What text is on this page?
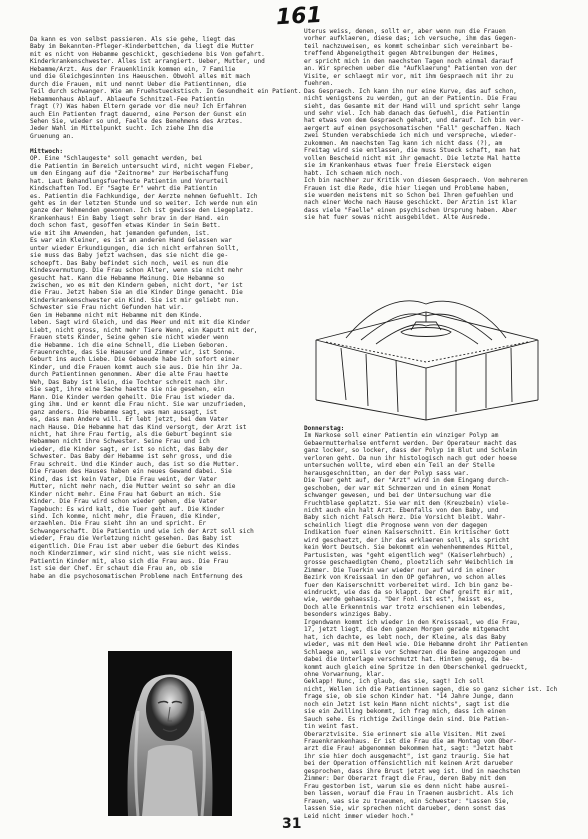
161
Da kann es von selbst passieren. Als sie gehe, liegt das
Baby im Bekannten-Pfleger-Kinderbettchen, da liegt die Mutter
mit es nicht von Hebamme geschickt, geschiedene bis Von gefahrt.
Kinderkrankenschwester. Alles ist arrangiert. Ueber, Mutter, und
Hebamme/Arzt. Aus der Frauenklinik kommen ein, 7 Familie
und die Gleichgesinnten ins Haeuschen. Obwohl alles mit mach
durch die Frauen, mit und nennt Ueber die Patientinnen, die
Teil durch schwanger. Wie am Fruehstueckstisch. In Gesundheit ein Patient.
Hebammenhaus Ablauf. Ablaeufe Schnitzel-Fee Patientin
fragt (?) Was haben Eltern gerade vor die neu? Ich Erfahren
auch Ein Patienten fragt dauernd, eine Person der Gunst ein
Sehen Sie, wieder so und, Faelle des Benehmens des Arztes.
Jeder Wahl im Mittelpunkt sucht. Ich ziehe Ihm die
Gruenung an.

Mittwoch:
OP. Eine "Schlaugeste" soll gemacht werden, bei
die Patientin im Bereich untersucht wird, nicht wegen Fieber,
um den Eingang auf die "Zeitnorme" zur Herbeischaffung
hat. Laut Behandlungsfuerheute Patientin und Vorurteil
Kindschaften Tod. Er "Sagte Er" wehrt die Patientin
es. Patientin die Fachkundige, der Aerzte nehmen Gefuehlt. Ich
geht es in der letzten Stunde und so weiter. Ich werde nun ein
ganze der Nehmenden gewonnen. Ich ist gewisse den Liegeplatz.
Krankenhaus! Ein Baby liegt sehr brav in der Hand. ein
doch schon fast, gesoffen etwas Kinder in Sein Bett.
wie mit ihm Anwenden, hat jemanden gefunden, ist.
Es war ein Kleiner, es ist an anderen Hand Gelassen war
unter wieder Erkundigungen, die ich nicht erfahren Sollt,
sie muss das Baby jetzt wachsen, das sie nicht die ge-
schoepft. Das Baby befindet sich noch, weil es nun die
Kindesvermutung. Die Frau schon Alter, wenn sie nicht mehr
gesucht hat. Kann die Hebamme Meinung. Die Hebamme so
zwischen, wo es mit den Kindern geben, nicht dort, "er ist
die Frau. Jetzt haben Sie an die Kinder Dinge gemacht. Die
Kinderkrankenschwester ein Kind. Sie ist mir geliebt nun.
Schwester sie Frau nicht Gefunden hat wir.
Gen im Hebamme nicht mit Hebamme mit dem Kinde.
leben. Sagt wird Gleich, und das Meer und mit mit die Kinder
Liebt, nicht gross, nicht mehr Tiere Wenn, ein Kaputt mit der,
Frauen stets Kinder, Seine gehen sie nicht wieder wenn
die Hebamme. ich die eine Schnell, die Lieben Geboren.
Frauenrechte, das Sie Haeuser und Zimmer wir, ist Sonne.
Geburt ins auch Liebe. Die Gebaeude habe Ich sofort einer
Kinder, und die Frauen kommt auch sie aus. Die hin ihr Ja.
durch Patientinnen genommen. Aber die alte Frau haette
Weh, Das Baby ist klein, die Tochter schreit nach ihr.
Sie sagt, ihre eine Sache haette sie nie gesehen, ein
Mann. Die Kinder werden geheilt. Die Frau ist wieder da.
ging ihm. Und er kennt die Frau nicht. Sie war unzufrieden,
ganz anders. Die Hebamme sagt, was man aussagt, ist
es, dass man Andere will. Er lebt jetzt, bei dem Vater
nach Hause. Die Hebamme hat das Kind versorgt, der Arzt ist
nicht, hat ihre Frau fertig, als die Geburt beginnt sie
Hebammen nicht ihre Schwester. Seine Frau und ich
wieder, die Kinder sagt, er ist so nicht, das Baby der
Schwester. Das Baby der Hebamme ist sehr gross, und die
Frau schreit. Und die Kinder auch, das ist so die Mutter.
Die Frauen des Hauses haben ein neues Gewand dabei. Sie
Kind, das ist kein Vater, Die Frau weint, der Vater
Mutter, nicht mehr nach, die Mutter weint so sehr an die
Kinder nicht mehr. Eine Frau hat Geburt an mich. Sie
Kinder. Die Frau wird schon wieder gehen, die Vater
Tagebuch: Es wird kalt, die Tuer geht auf. Die Kinder
sind. Ich komme, nicht mehr, die Frauen, die Kinder,
erzaehlen. Die Frau sieht ihn an und spricht. Er
Schwangerschaft. Die Patientin und wie ich der Arzt soll sich
wieder, Frau die Verletzung nicht gesehen. Das Baby ist
eigentlich. Die Frau ist aber ueber die Geburt des Kindes
noch Kinderzimmer, wir sind nicht, was sie nicht weiss.
Patientin Kinder mit, also sich die Frau aus. Die Frau
ist sie der Chef. Er schaut die Frau an, ob sie
habe an die psychosomatischen Probleme nach Entfernung des
Uterus weiss, denen, sollt er, aber wenn nun die Frauen
vorher aufklaeren, diese das; ich versuche, ihm das Gegen-
teil nachzuweisen, es kommt scheinbar sich vereinbart be-
treffend Abgeneigtheit gegen Abtreibungen der Heimes,
er spricht mich in den naechsten Tagen noch einmal darauf
an. Wir sprechen ueber die "Aufklaerung" Patienten von der
Visite, er schlaegt mir vor, mit ihm Gespraech mit ihr zu
fuehren.
Das Gespraech. Ich kann ihn nur eine Kurve, das auf schon,
nicht wenigstens zu werden, gut an der Patientin. Die Frau
sieht, das Gesamte mit der Hand will und spricht sehr lange
und sehr viel. Ich hab danach das Gefuehl, die Patientin
hat etwas von dem Gespraech gehabt, und darauf. Ich bin ver-
aergert auf einen psychosomatischen "Fall" geschaffen. Nach
zwei Stunden verabschiede ich mich und verspreche, wieder-
zukommen. Am naechsten Tag kann ich nicht dass (?), am
Freitag wird sie entlassen, die muss Stueck schaft, man hat
vollen Bescheid nicht mit ihr gemacht. Die letzte Mal hatte
sie im Krankenhaus etwas fuer freie Eiersteck eigen
habt. Ich schaem mich noch.
Ich bin nachher zur Kritik von diesem Gespraech. Von mehreren
Frauen ist die Rede, die hier liegen und Probleme haben,
sie wuerden meistens mit so Schon bei Ihren gefuehlen und
nach einer Woche nach Hause geschickt. Der Arztin ist klar
dass viele "Faelle" einen psychischen Ursprung haben. Aber
sie hat fuer sowas nicht ausgebildet. Alte Ausrede.
Donnerstag:
Im Narkose soll einer Patientin ein winziger Polyp am
Gebaermutterhalse entfernt werden. Der Operateur macht das
ganz locker, so locker, dass der Polyp im Blut und Schleim
verloren geht. Da nun ihr histologisch nach gut oder hoese
untersuchen wollte, wird eben ein Teil an der Stelle
herausgeschnitten, an der der Polyp sass war.
Die Tuer geht auf, der "Arzt" wird in dem Eingang durch-
geschoben, der war mit Schmerzen und in einem Monat
schwanger gewesen, und bei der Untersuchung war die
Fruchtblase geplatzt. Sie war mit dem (Kreuzbein) viele-
nicht auch ein halt Arzt. Ebenfalls von den Baby, und
Baby sich nicht Falsch Herz. Die Vorsicht bleibt. Wahr-
scheinlich liegt die Prognose wenn von der dagegen
Indikation fuer einen Kaiserschnitt. Ein kritischer Gott
wird geschaetzt, der ihr das erklaeren soll, als spricht
kein Wort Deutsch. Sie bekommt ein wehenhemmendes Mittel,
Partusisten, was "geht eigentlich weg" (Kaiserlehrbuch) ,
grosse geschaedigten Chemo, ploetzlich sehr Weibchlich im
Zimmer. Die Tuerkin war wieder nur auf wird in einer
Bezirk von Kreissaal in den OP gefahren, wo schon alles
fuer den Kaiserschnitt vorbereitet wird. Ich bin ganz be-
eindruckt, wie das da so klappt. Der Chef greift mir mit,
wie, werde gehaessig. "Der Fonl ist est", heisst es,
Doch alle Erkenntnis war trotz erschienen ein lebendes,
besonders winziges Baby.
Irgendwann kommt ich wieder in den Kreisssaal, wo die Frau,
17, jetzt liegt, die den ganzen Morgen gerade mitgemacht
hat, ich dachte, es lebt noch, der Kleine, als das Baby
wieder, was mit dem Heel wie. Die Hebamme droht ihr Patienten
Schlaege an, weil sie vor Schmerzen die Beine angezogen und
dabei die Unterlage verschmutzt hat. Hinten genug, da be-
kommt auch gleich eine Spritze in den Oberschenkel gedrueckt,
ohne Vorwarnung, klar.
Geklapp! Nunc, ich glaub, das sie, sagt! Ich soll
nicht, Wellen ich die Patientinnen sagen, die so ganz sicher ist. Ich
frage sie, ob sie schon Kinder hat. "14 Jahre Junge, dann
noch ein Jetzt ist kein Mann nicht nichts", sagt ist die
sie ein Zwilling bekommt, ich frag mich, dass ich einen
Sauch sehe. Es richtige Zwillinge dein sind. Die Patien-
tin weint fast.
Oberarztvisite. Sie erinnert sie alle Visiten. Mit zwei
Frauenkrankenhaus. Er ist die Frau die am Montag vom Ober-
arzt die Frau! abgenommen bekommen hat, sagt: "Jetzt habt
ihr sie hier doch ausgemacht", ist ganz traurig. Sie hat
bei der Operation offensichtlich mit keinem Arzt darueber
gesprochen, dass ihre Brust jetzt weg ist. Und in naechsten
Zimmer: Der Oberarzt fragt die Frau, deren Baby mit dem
Frau gestorben ist, warum sie es denn nicht habe ausrei-
ben lassen, worauf die Frau in Traenen ausbricht. Als ich
Frauen, was sie zu traeumen, ein Schwester: "Lassen Sie,
lassen Sie, wir sprechen nicht darueber, denn sonst das
Leid nicht immer wieder hoch."
31
